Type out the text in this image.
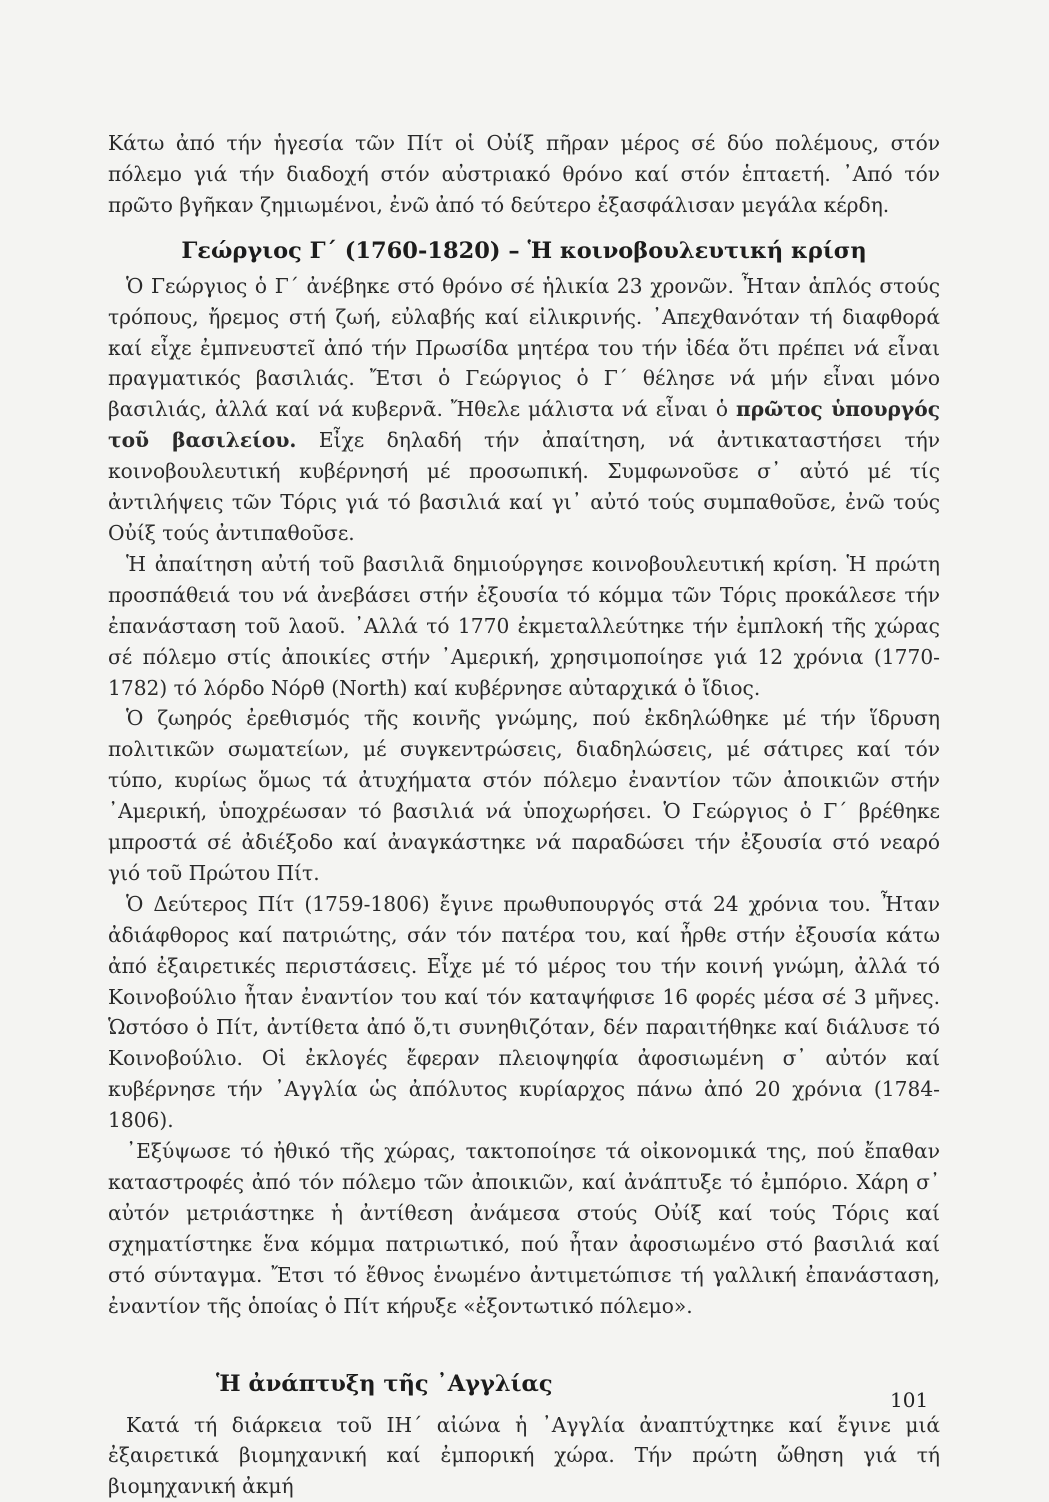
Κάτω ἀπό τήν ἡγεσία τῶν Πίτ οἱ Οὐίξ πῆραν μέρος σέ δύο πολέμους, στόν πόλεμο γιά τήν διαδοχή στόν αὐστριακό θρόνο καί στόν ἑπταετή. ᾿Από τόν πρῶτο βγῆκαν ζημιωμένοι, ἐνῶ ἀπό τό δεύτερο ἐξασφάλισαν μεγάλα κέρδη.

Γεώργιος Γ΄ (1760-1820) – Ἡ κοινοβουλευτική κρίση

Ὁ Γεώργιος ὁ Γ΄ ἀνέβηκε στό θρόνο σέ ἡλικία 23 χρονῶν. Ἦταν ἁπλός στούς τρόπους, ἤρεμος στή ζωή, εὐλαβής καί εἰλικρινής. ᾿Απεχθανόταν τή διαφθορά καί εἶχε ἐμπνευστεῖ ἀπό τήν Πρωσίδα μητέρα του τήν ἰδέα ὅτι πρέπει νά εἶναι πραγματικός βασιλιάς. Ἔτσι ὁ Γεώργιος ὁ Γ΄ θέλησε νά μήν εἶναι μόνο βασιλιάς, ἀλλά καί νά κυβερνᾶ. Ἤθελε μάλιστα νά εἶναι ὁ πρῶτος ὑπουργός τοῦ βασιλείου. Εἶχε δηλαδή τήν ἀπαίτηση, νά ἀντικαταστήσει τήν κοινοβουλευτική κυβέρνησή μέ προσωπική. Συμφωνοῦσε σ᾿ αὐτό μέ τίς ἀντιλήψεις τῶν Τόρις γιά τό βασιλιά καί γι᾿ αὐτό τούς συμπαθοῦσε, ἐνῶ τούς Οὐίξ τούς ἀντιπαθοῦσε.

Ἡ ἀπαίτηση αὐτή τοῦ βασιλιᾶ δημιούργησε κοινοβουλευτική κρίση. Ἡ πρώτη προσπάθειά του νά ἀνεβάσει στήν ἐξουσία τό κόμμα τῶν Τόρις προκάλεσε τήν ἐπανάσταση τοῦ λαοῦ. ᾿Αλλά τό 1770 ἐκμεταλλεύτηκε τήν ἐμπλοκή τῆς χώρας σέ πόλεμο στίς ἀποικίες στήν ᾿Αμερική, χρησιμοποίησε γιά 12 χρόνια (1770-1782) τό λόρδο Νόρθ (North) καί κυβέρνησε αὐταρχικά ὁ ἴδιος.

Ὁ ζωηρός ἐρεθισμός τῆς κοινῆς γνώμης, πού ἐκδηλώθηκε μέ τήν ἵδρυση πολιτικῶν σωματείων, μέ συγκεντρώσεις, διαδηλώσεις, μέ σάτιρες καί τόν τύπο, κυρίως ὅμως τά ἀτυχήματα στόν πόλεμο ἐναντίον τῶν ἀποικιῶν στήν ᾿Αμερική, ὑποχρέωσαν τό βασιλιά νά ὑποχωρήσει. Ὁ Γεώργιος ὁ Γ΄ βρέθηκε μπροστά σέ ἀδιέξοδο καί ἀναγκάστηκε νά παραδώσει τήν ἐξουσία στό νεαρό γιό τοῦ Πρώτου Πίτ.

Ὁ Δεύτερος Πίτ (1759-1806) ἔγινε πρωθυπουργός στά 24 χρόνια του. Ἦταν ἀδιάφθορος καί πατριώτης, σάν τόν πατέρα του, καί ἦρθε στήν ἐξουσία κάτω ἀπό ἐξαιρετικές περιστάσεις. Εἶχε μέ τό μέρος του τήν κοινή γνώμη, ἀλλά τό Κοινοβούλιο ἦταν ἐναντίον του καί τόν καταψήφισε 16 φορές μέσα σέ 3 μῆνες. Ὡστόσο ὁ Πίτ, ἀντίθετα ἀπό ὅ,τι συνηθιζόταν, δέν παραιτήθηκε καί διάλυσε τό Κοινοβούλιο. Οἱ ἐκλογές ἔφεραν πλειοψηφία ἀφοσιωμένη σ᾿ αὐτόν καί κυβέρνησε τήν ᾿Αγγλία ὡς ἀπόλυτος κυρίαρχος πάνω ἀπό 20 χρόνια (1784-1806).

᾿Εξύψωσε τό ἠθικό τῆς χώρας, τακτοποίησε τά οἰκονομικά της, πού ἔπαθαν καταστροφές ἀπό τόν πόλεμο τῶν ἀποικιῶν, καί ἀνάπτυξε τό ἐμπόριο. Χάρη σ᾿ αὐτόν μετριάστηκε ἡ ἀντίθεση ἀνάμεσα στούς Οὐίξ καί τούς Τόρις καί σχηματίστηκε ἕνα κόμμα πατριωτικό, πού ἦταν ἀφοσιωμένο στό βασιλιά καί στό σύνταγμα. Ἔτσι τό ἔθνος ἑνωμένο ἀντιμετώπισε τή γαλλική ἐπανάσταση, ἐναντίον τῆς ὁποίας ὁ Πίτ κήρυξε «ἐξοντωτικό πόλεμο».

Ἡ ἀνάπτυξη τῆς ᾿Αγγλίας

Κατά τή διάρκεια τοῦ ΙΗ΄ αἰώνα ἡ ᾿Αγγλία ἀναπτύχτηκε καί ἔγινε μιά ἐξαιρετικά βιομηχανική καί ἐμπορική χώρα. Τήν πρώτη ὤθηση γιά τή βιομηχανική ἀκμή

101
